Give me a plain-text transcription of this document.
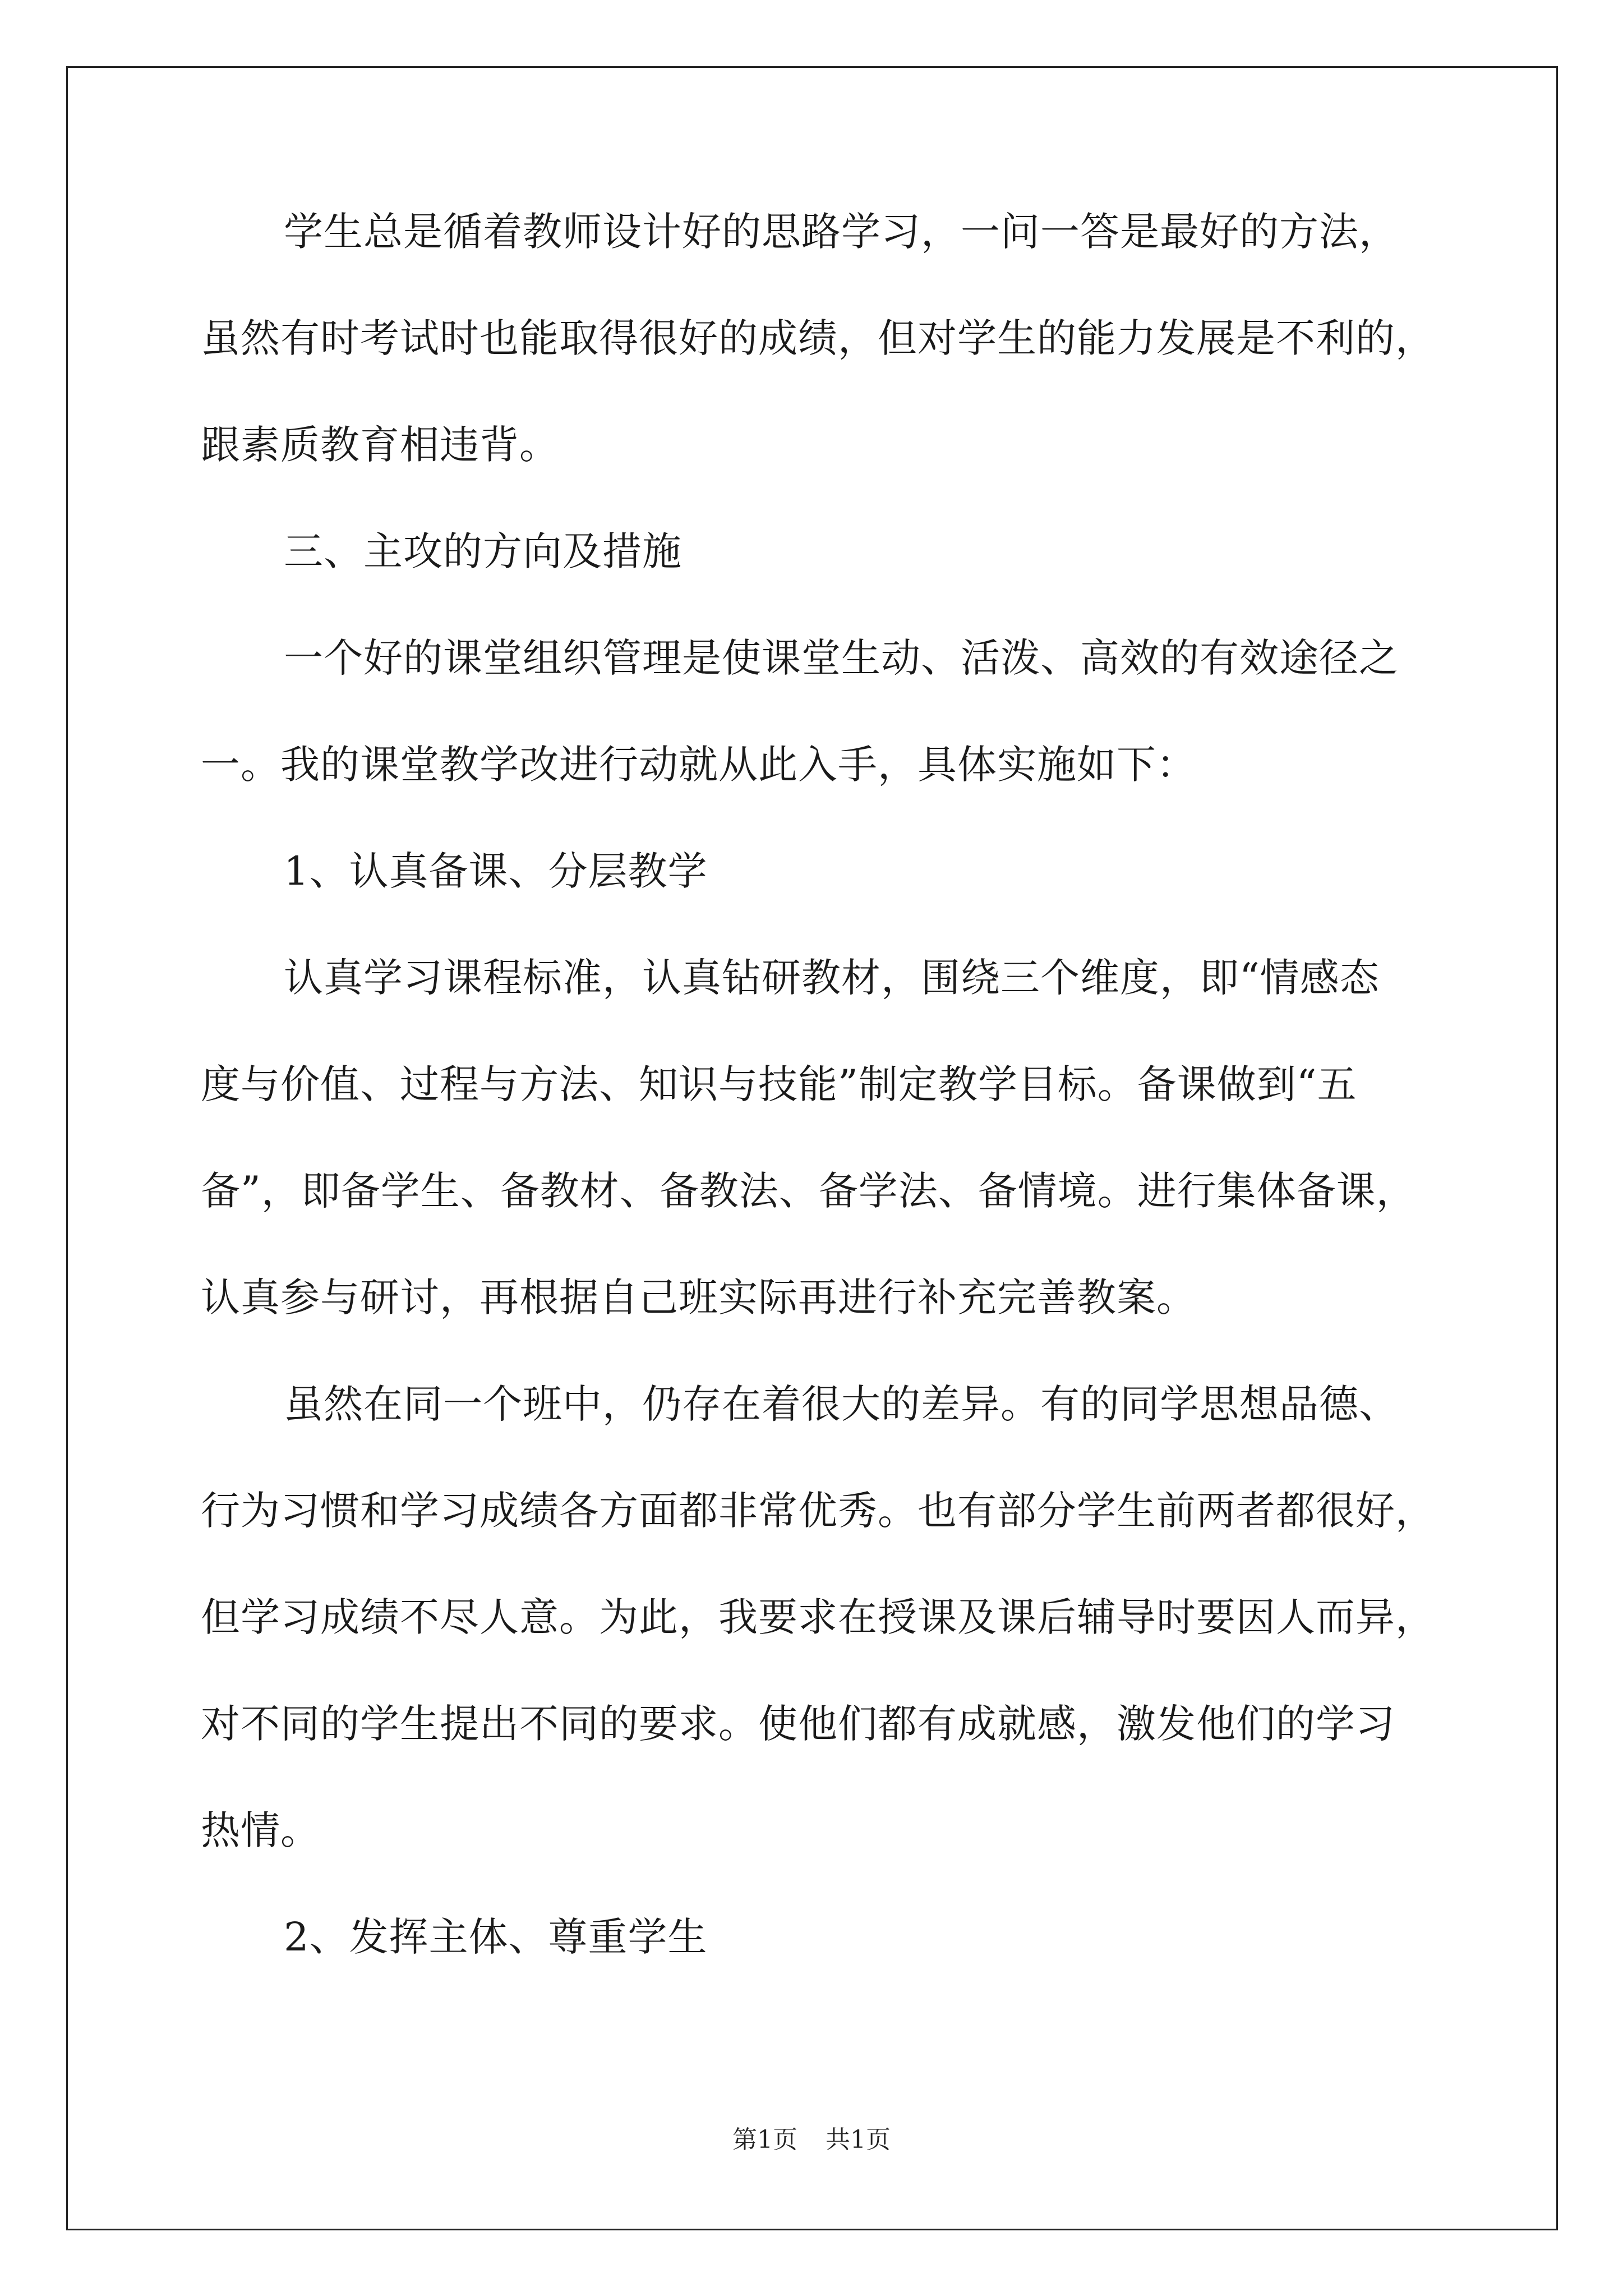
学生总是循着教师设计好的思路学习，一问一答是最好的方法，
虽然有时考试时也能取得很好的成绩，但对学生的能力发展是不利的，
跟素质教育相违背。
三、主攻的方向及措施
一个好的课堂组织管理是使课堂生动、活泼、高效的有效途径之
一。我的课堂教学改进行动就从此入手，具体实施如下：
1、认真备课、分层教学
认真学习课程标准，认真钻研教材，围绕三个维度，即“情感态
度与价值、过程与方法、知识与技能”制定教学目标。备课做到“五
备”，即备学生、备教材、备教法、备学法、备情境。进行集体备课，
认真参与研讨，再根据自己班实际再进行补充完善教案。
虽然在同一个班中，仍存在着很大的差异。有的同学思想品德、
行为习惯和学习成绩各方面都非常优秀。也有部分学生前两者都很好，
但学习成绩不尽人意。为此，我要求在授课及课后辅导时要因人而异，
对不同的学生提出不同的要求。使他们都有成就感，激发他们的学习
热情。
2、发挥主体、尊重学生
第1页 共1页
